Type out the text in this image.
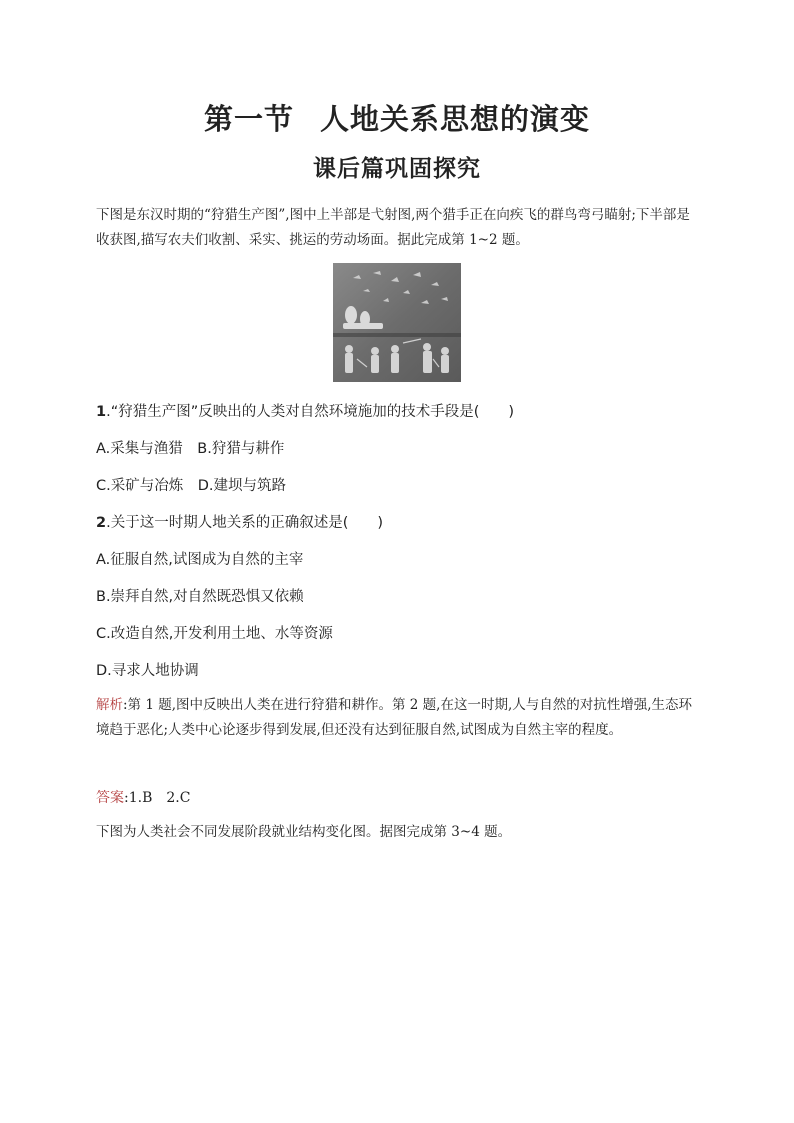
第一节 人地关系思想的演变
课后篇巩固探究

下图是东汉时期的“狩猎生产图”,图中上半部是弋射图,两个猎手正在向疾飞的群鸟弯弓瞄射;下半部是收获图,描写农夫们收割、采实、挑运的劳动场面。据此完成第 1~2 题。

1.“狩猎生产图”反映出的人类对自然环境施加的技术手段是(　　)

A.采集与渔猎　B.狩猎与耕作

C.采矿与冶炼　D.建坝与筑路

2.关于这一时期人地关系的正确叙述是(　　)

A.征服自然,试图成为自然的主宰

B.崇拜自然,对自然既恐惧又依赖

C.改造自然,开发利用土地、水等资源

D.寻求人地协调

解析:第 1 题,图中反映出人类在进行狩猎和耕作。第 2 题,在这一时期,人与自然的对抗性增强,生态环境趋于恶化;人类中心论逐步得到发展,但还没有达到征服自然,试图成为自然主宰的程度。

答案:1.B　2.C

下图为人类社会不同发展阶段就业结构变化图。据图完成第 3~4 题。
